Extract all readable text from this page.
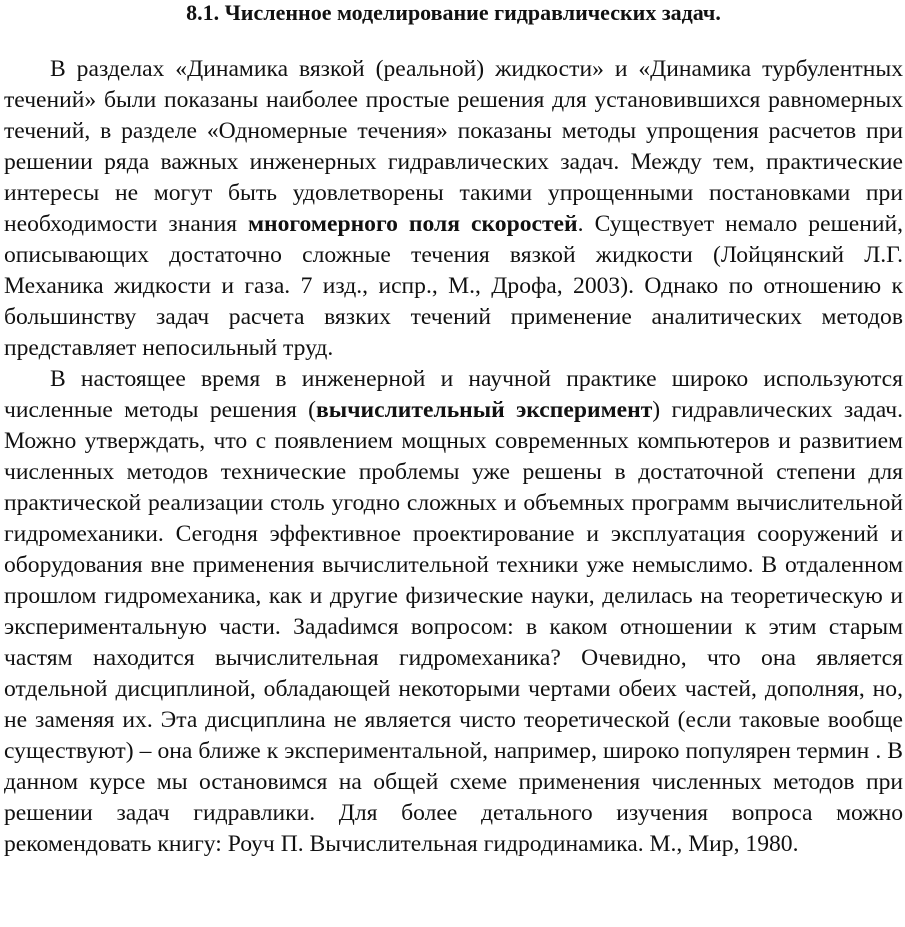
8.1. Численное моделирование гидравлических задач.

В разделах «Динамика вязкой (реальной) жидкости» и «Динамика турбулентных течений» были показаны наиболее простые решения для установившихся равномерных течений, в разделе «Одномерные течения» показаны методы упрощения расчетов при решении ряда важных инженерных гидравлических задач. Между тем, практические интересы не могут быть удовлетворены такими упрощенными постановками при необходимости знания многомерного поля скоростей. Существует немало решений, описывающих достаточно сложные течения вязкой жидкости (Лойцянский Л.Г. Механика жидкости и газа. 7 изд., испр., М., Дрофа, 2003). Однако по отношению к большинству задач расчета вязких течений применение аналитических методов представляет непосильный труд.

В настоящее время в инженерной и научной практике широко используются численные методы решения (вычислительный эксперимент) гидравлических задач. Можно утверждать, что с появлением мощных современных компьютеров и развитием численных методов технические проблемы уже решены в достаточной степени для практической реализации столь угодно сложных и объемных программ вычислительной гидромеханики. Сегодня эффективное проектирование и эксплуатация сооружений и оборудования вне применения вычислительной техники уже немыслимо. В отдаленном прошлом гидромеханика, как и другие физические науки, делилась на теоретическую и экспериментальную части. Задаdимся вопросом: в каком отношении к этим старым частям находится вычислительная гидромеханика? Очевидно, что она является отдельной дисциплиной, обладающей некоторыми чертами обеих частей, дополняя, но, не заменяя их. Эта дисциплина не является чисто теоретической (если таковые вообще существуют) – она ближе к экспериментальной, например, широко популярен термин . В данном курсе мы остановимся на общей схеме применения численных методов при решении задач гидравлики. Для более детального изучения вопроса можно рекомендовать книгу: Роуч П. Вычислительная гидродинамика. М., Мир, 1980.
